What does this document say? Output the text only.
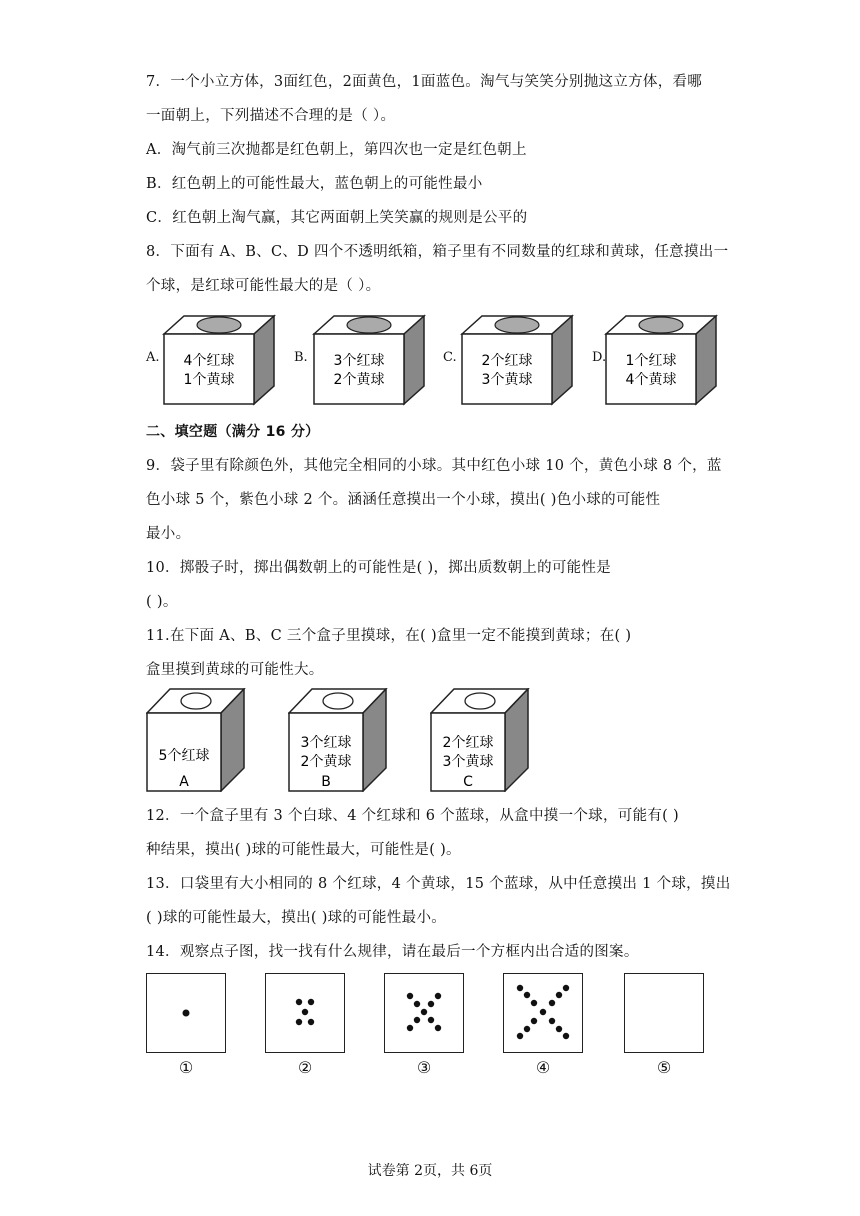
7．一个小立方体，3面红色，2面黄色，1面蓝色。淘气与笑笑分别抛这立方体，看哪
一面朝上，下列描述不合理的是（ ）。
A．淘气前三次抛都是红色朝上，第四次也一定是红色朝上
B．红色朝上的可能性最大，蓝色朝上的可能性最小
C．红色朝上淘气赢，其它两面朝上笑笑赢的规则是公平的
8．下面有 A、B、C、D 四个不透明纸箱，箱子里有不同数量的红球和黄球，任意摸出一
个球，是红球可能性最大的是（ ）。
A. 4个红球
1个黄球
B. 3个红球
2个黄球
C. 2个红球
3个黄球
D. 1个红球
4个黄球
二、填空题（满分 16 分）
9．袋子里有除颜色外，其他完全相同的小球。其中红色小球 10 个，黄色小球 8 个，蓝
色小球 5 个，紫色小球 2 个。涵涵任意摸出一个小球，摸出( )色小球的可能性
最小。
10．掷骰子时，掷出偶数朝上的可能性是( )，掷出质数朝上的可能性是
( )。
11.在下面 A、B、C 三个盒子里摸球，在( )盒里一定不能摸到黄球；在( )
盒里摸到黄球的可能性大。
5个红球
A
3个红球
2个黄球
B
2个红球
3个黄球
C
12．一个盒子里有 3 个白球、4 个红球和 6 个蓝球，从盒中摸一个球，可能有( )
种结果，摸出( )球的可能性最大，可能性是( )。
13．口袋里有大小相同的 8 个红球，4 个黄球，15 个蓝球，从中任意摸出 1 个球，摸出
( )球的可能性最大，摸出( )球的可能性最小。
14．观察点子图，找一找有什么规律，请在最后一个方框内出合适的图案。
①	②	③	④	⑤
试卷第 2页，共 6页
